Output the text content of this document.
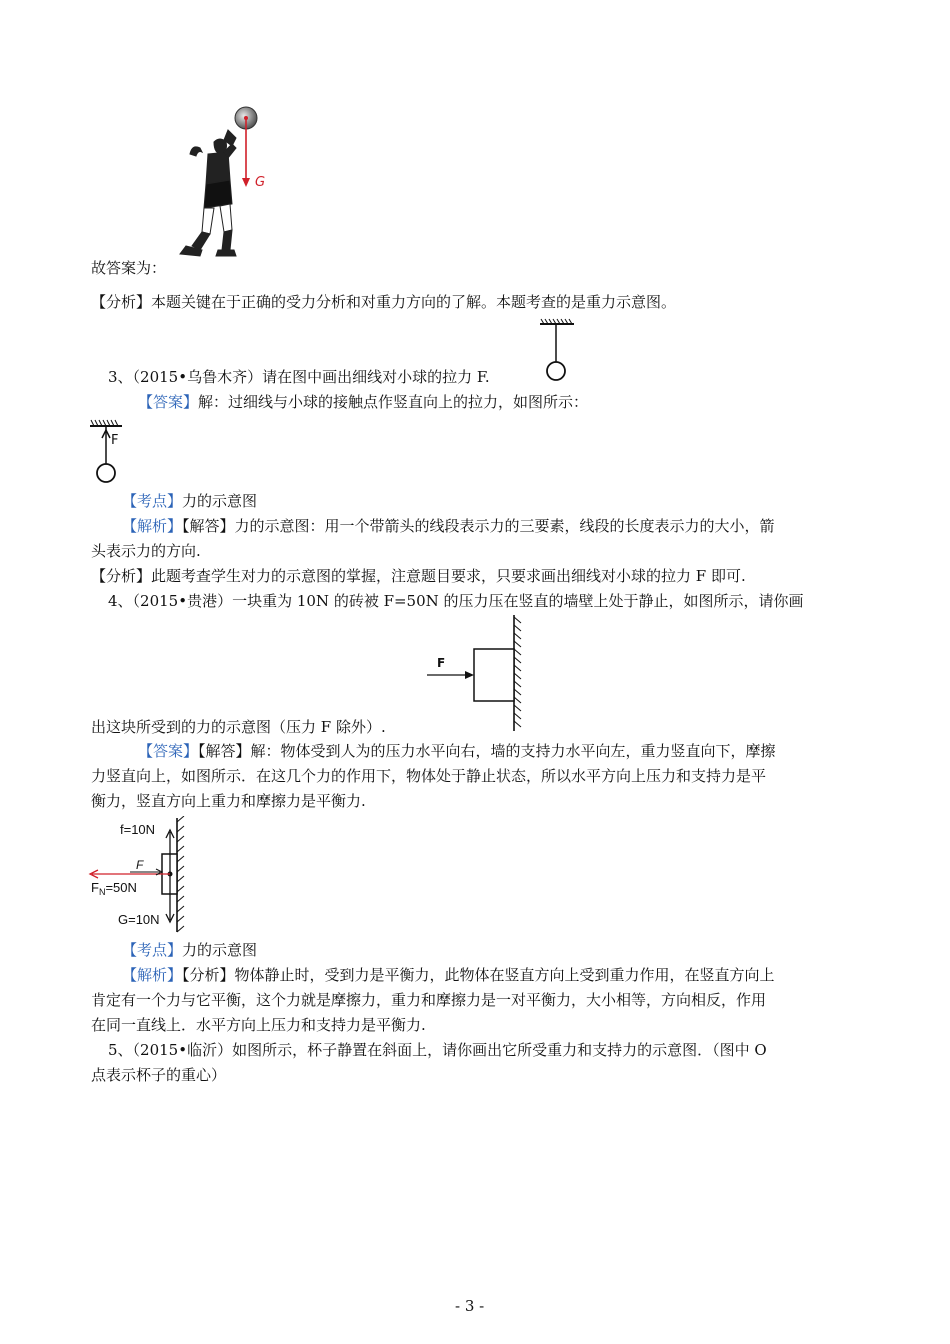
G
故答案为：
【分析】本题关键在于正确的受力分析和对重力方向的了解。本题考查的是重力示意图。
3、（2015•乌鲁木齐）请在图中画出细线对小球的拉力 F.
【答案】解：过细线与小球的接触点作竖直向上的拉力，如图所示：
F
【考点】力的示意图
【解析】【解答】力的示意图：用一个带箭头的线段表示力的三要素，线段的长度表示力的大小，箭
头表示力的方向.
【分析】此题考查学生对力的示意图的掌握，注意题目要求，只要求画出细线对小球的拉力 F 即可.
4、（2015•贵港）一块重为 10N 的砖被 F=50N 的压力压在竖直的墙壁上处于静止，如图所示，请你画
F
出这块所受到的力的示意图（压力 F 除外）.
【答案】【解答】解：物体受到人为的压力水平向右，墙的支持力水平向左，重力竖直向下，摩擦
力竖直向上，如图所示．在这几个力的作用下，物体处于静止状态，所以水平方向上压力和支持力是平
衡力，竖直方向上重力和摩擦力是平衡力.
f=10N
F
$F_N=50N$
G=10N
【考点】力的示意图
【解析】【分析】物体静止时，受到力是平衡力，此物体在竖直方向上受到重力作用，在竖直方向上
肯定有一个力与它平衡，这个力就是摩擦力，重力和摩擦力是一对平衡力，大小相等，方向相反，作用
在同一直线上．水平方向上压力和支持力是平衡力.
5、（2015•临沂）如图所示，杯子静置在斜面上，请你画出它所受重力和支持力的示意图．（图中 O
点表示杯子的重心）
- 3 -
